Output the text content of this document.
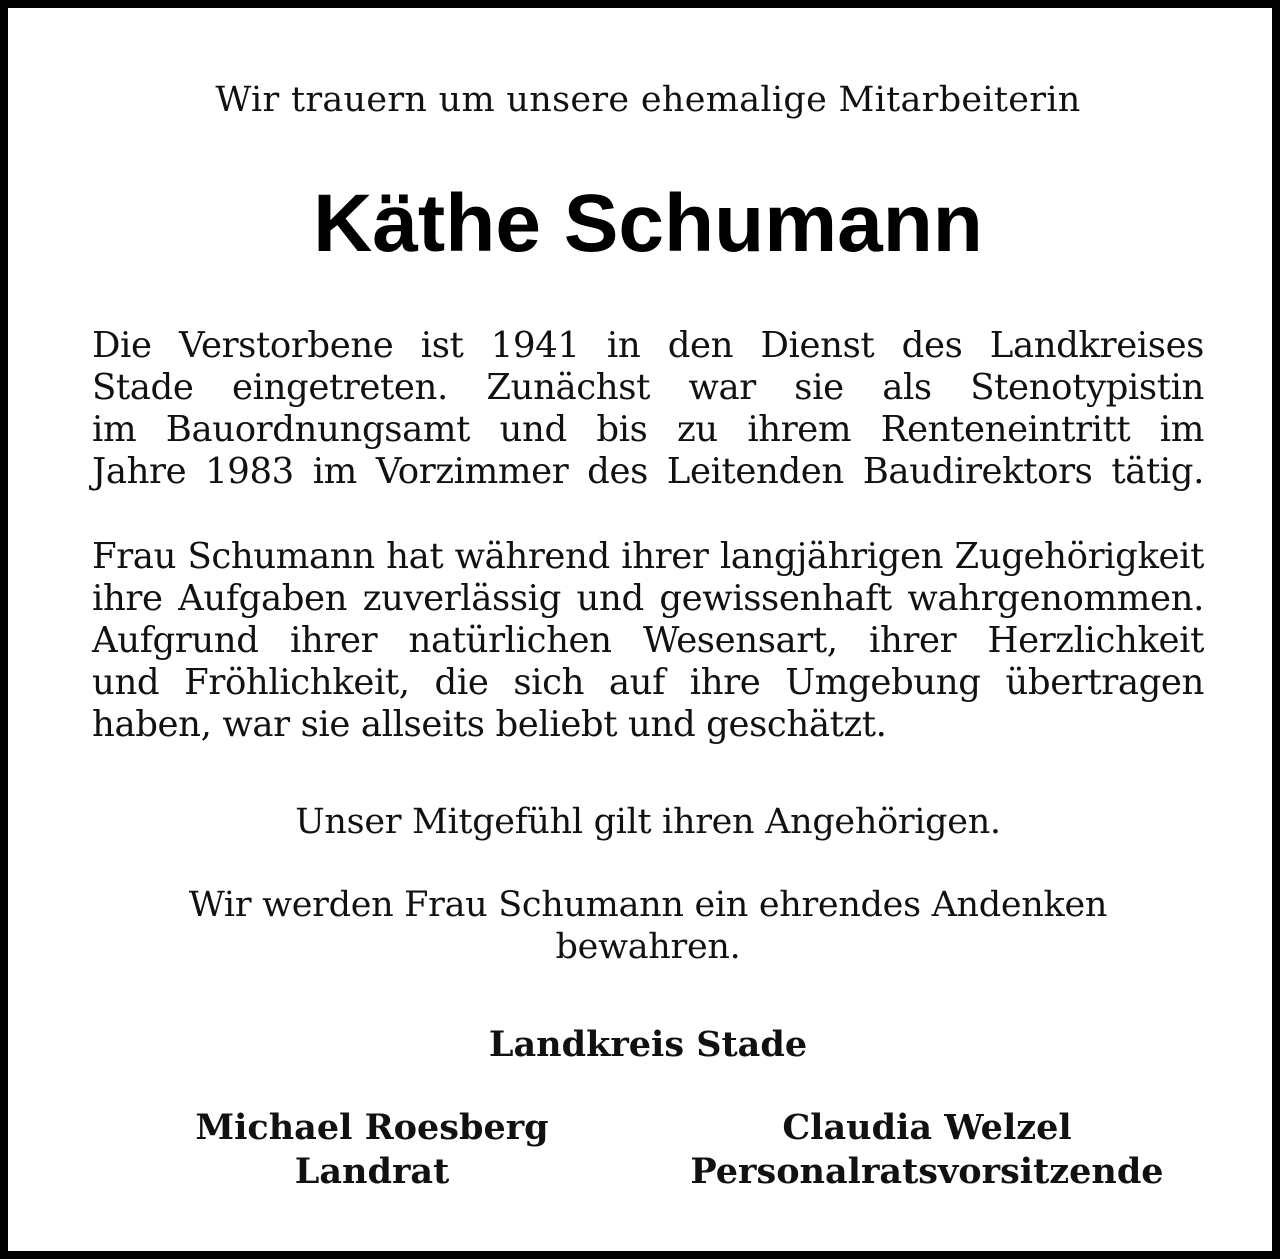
Wir trauern um unsere ehemalige Mitarbeiterin
Käthe Schumann
Die Verstorbene ist 1941 in den Dienst des Landkreises
Stade eingetreten. Zunächst war sie als Stenotypistin
im Bauordnungsamt und bis zu ihrem Renteneintritt im
Jahre 1983 im Vorzimmer des Leitenden Baudirektors tätig.
Frau Schumann hat während ihrer langjährigen Zugehörigkeit
ihre Aufgaben zuverlässig und gewissenhaft wahrgenommen.
Aufgrund ihrer natürlichen Wesensart, ihrer Herzlichkeit
und Fröhlichkeit, die sich auf ihre Umgebung übertragen
haben, war sie allseits beliebt und geschätzt.
Unser Mitgefühl gilt ihren Angehörigen.
Wir werden Frau Schumann ein ehrendes Andenken
bewahren.
Landkreis Stade
Michael Roesberg
Landrat
Claudia Welzel
Personalratsvorsitzende
